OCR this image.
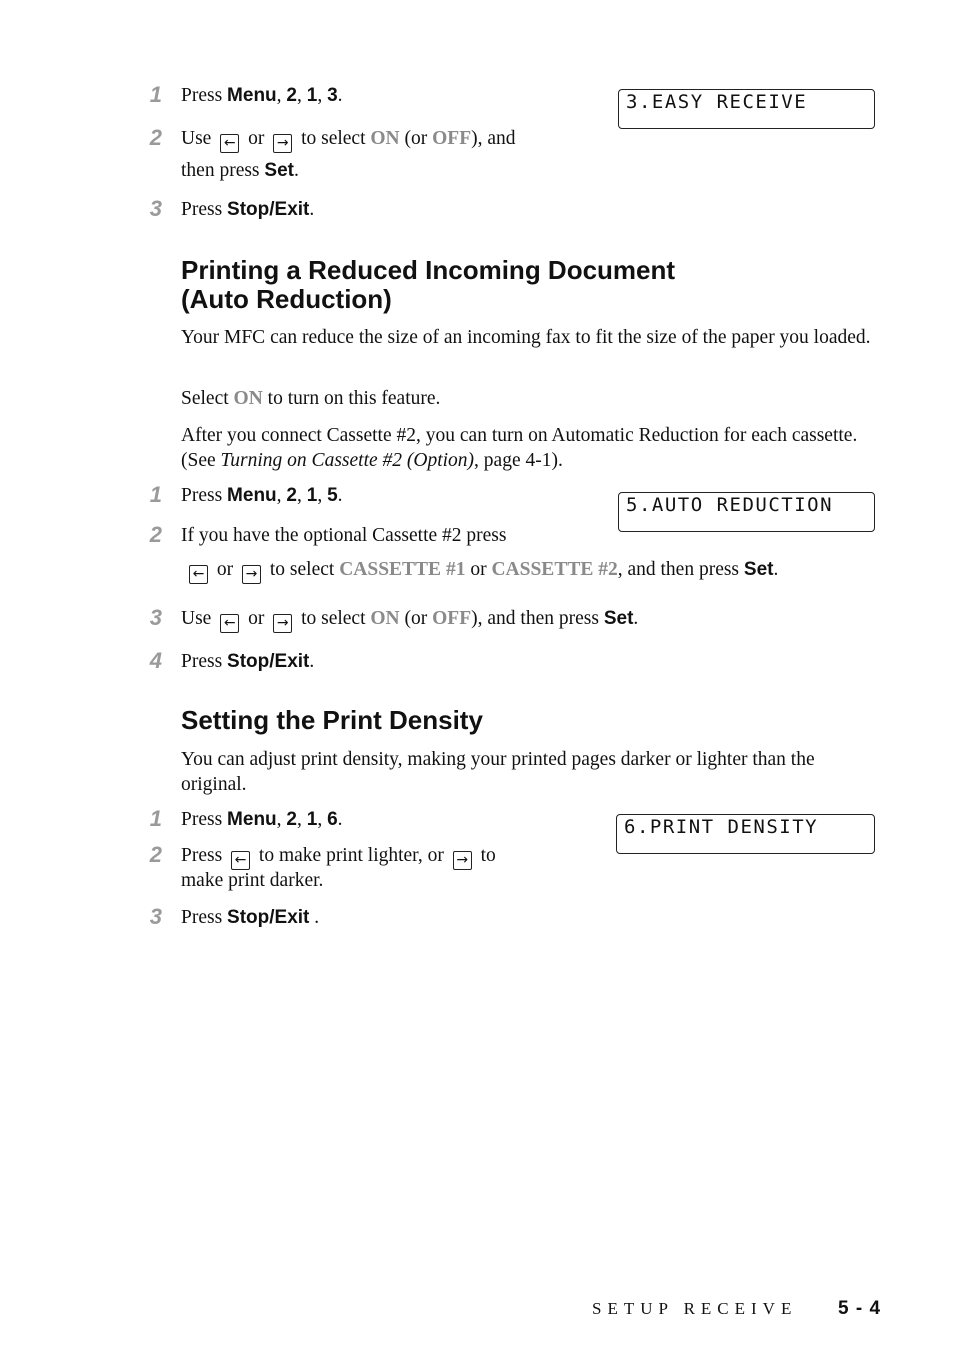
3.EASY RECEIVE
1 Press Menu, 2, 1, 3.
2 Use ← or → to select ON (or OFF), and
then press Set.
3 Press Stop/Exit.
Printing a Reduced Incoming Document
(Auto Reduction)
Your MFC can reduce the size of an incoming fax to fit the size of the paper you loaded.
Select ON to turn on this feature.
After you connect Cassette #2, you can turn on Automatic Reduction for each cassette. (See Turning on Cassette #2 (Option), page 4-1).
5.AUTO REDUCTION
1 Press Menu, 2, 1, 5.
2 If you have the optional Cassette #2 press
← or → to select CASSETTE #1 or CASSETTE #2, and then press Set.
3 Use ← or → to select ON (or OFF), and then press Set.
4 Press Stop/Exit.
Setting the Print Density
You can adjust print density, making your printed pages darker or lighter than the original.
6.PRINT DENSITY
1 Press Menu, 2, 1, 6.
2 Press ← to make print lighter, or → to
make print darker.
3 Press Stop/Exit .
SETUP RECEIVE 5 - 4
